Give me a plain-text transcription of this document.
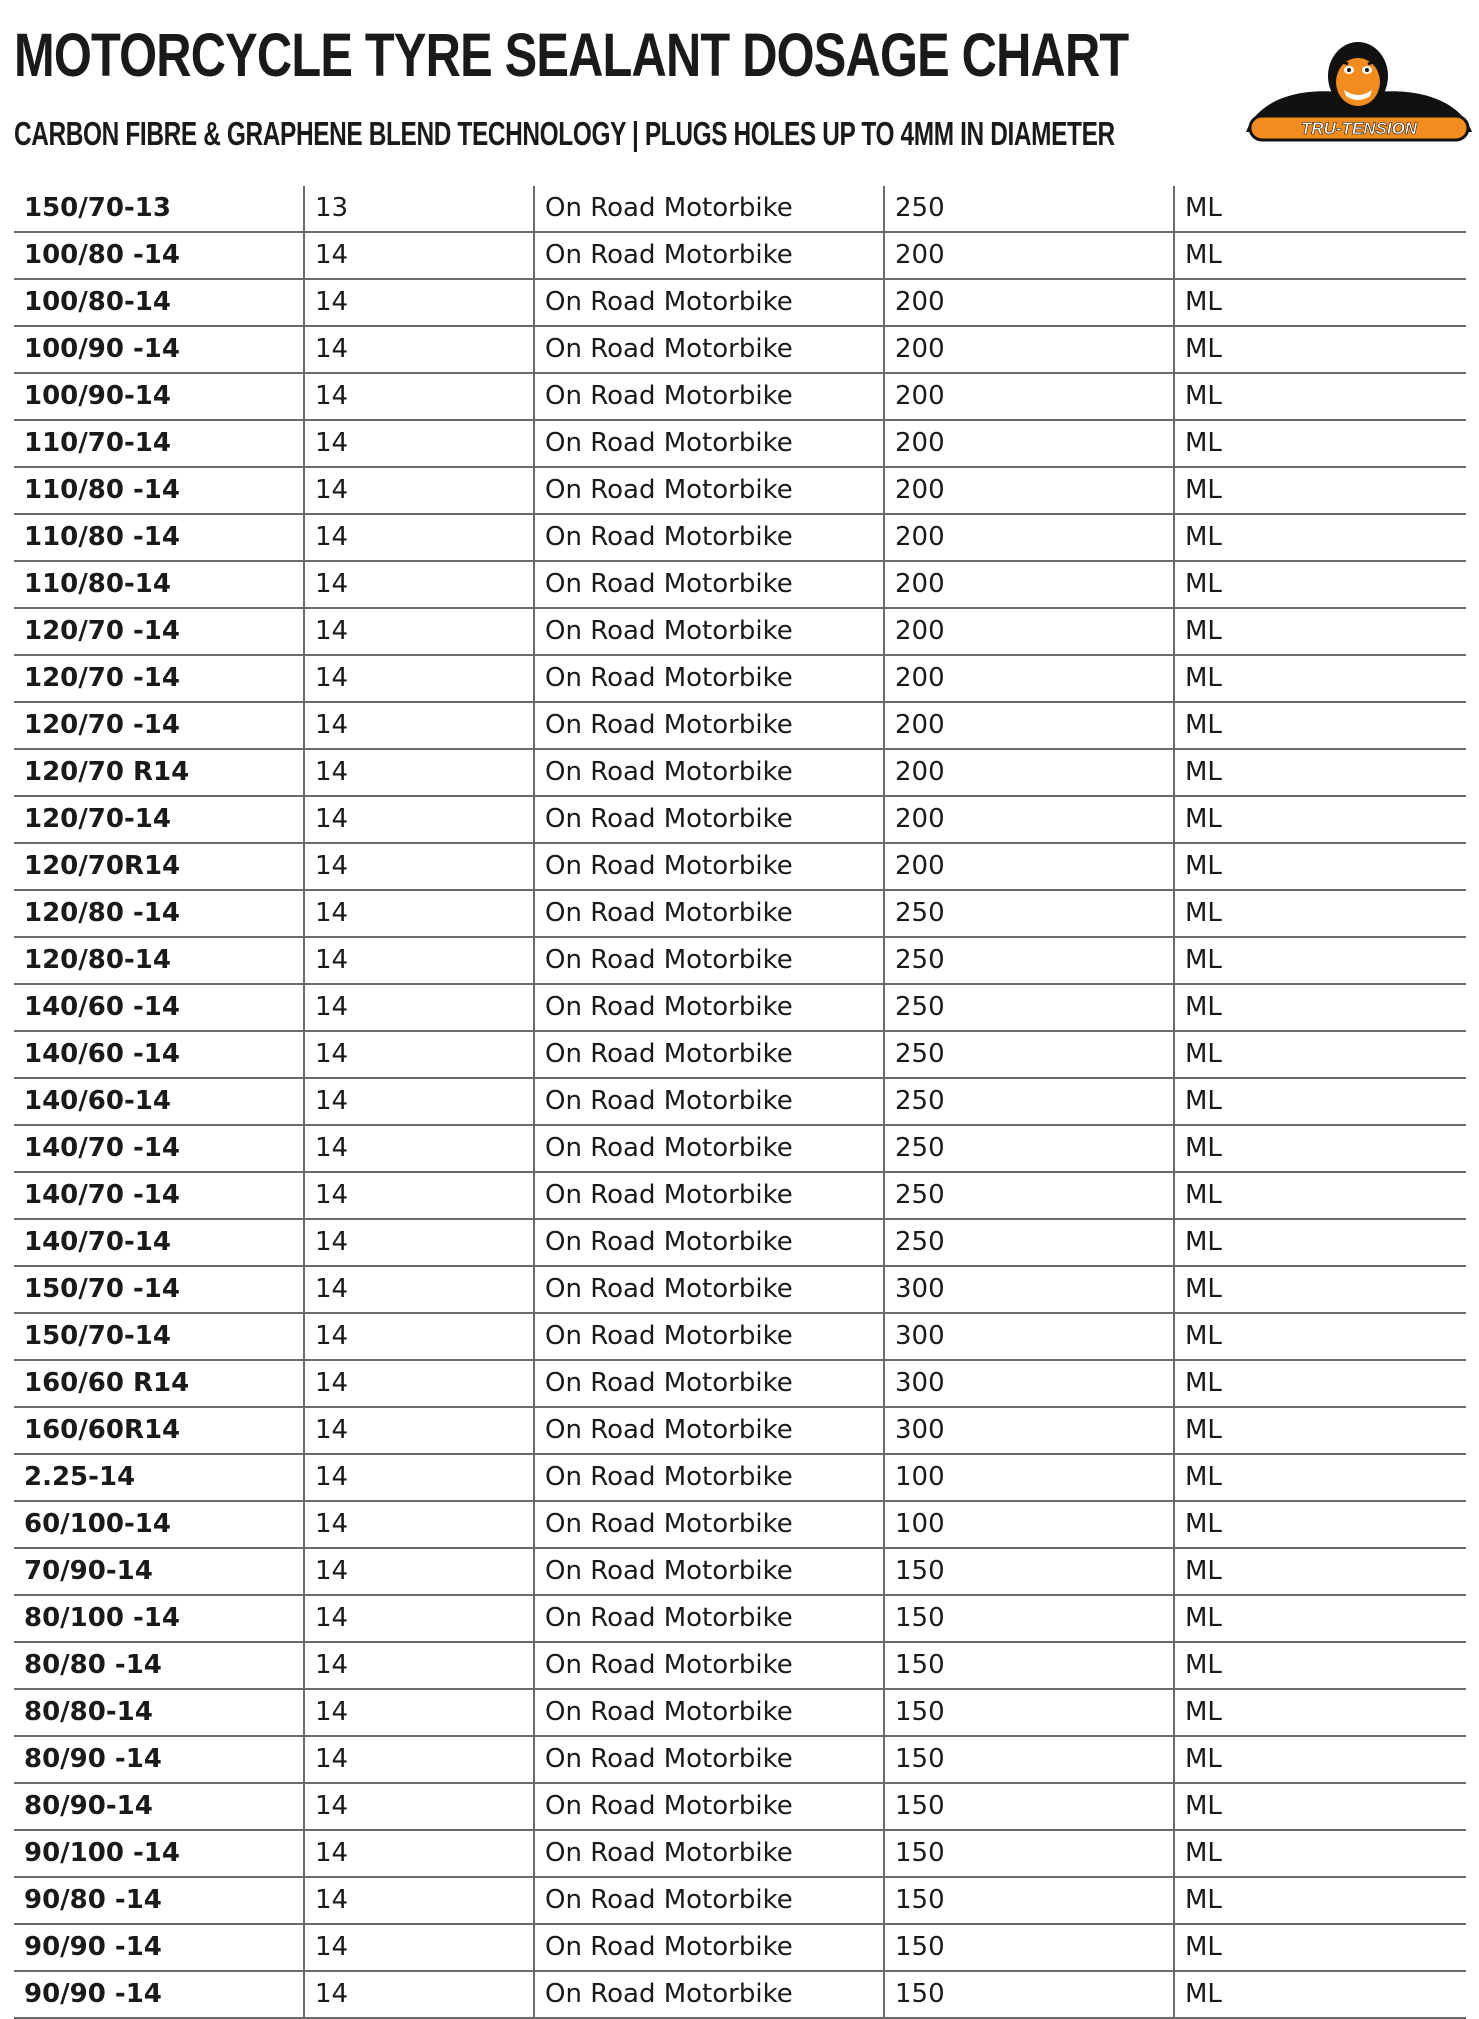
MOTORCYCLE TYRE SEALANT DOSAGE CHART
CARBON FIBRE & GRAPHENE BLEND TECHNOLOGY | PLUGS HOLES UP TO 4MM IN DIAMETER	TRU-TENSION
150/70-13	13	On Road Motorbike	250	ML
100/80 -14	14	On Road Motorbike	200	ML
100/80-14	14	On Road Motorbike	200	ML
100/90 -14	14	On Road Motorbike	200	ML
100/90-14	14	On Road Motorbike	200	ML
110/70-14	14	On Road Motorbike	200	ML
110/80 -14	14	On Road Motorbike	200	ML
110/80 -14	14	On Road Motorbike	200	ML
110/80-14	14	On Road Motorbike	200	ML
120/70 -14	14	On Road Motorbike	200	ML
120/70 -14	14	On Road Motorbike	200	ML
120/70 -14	14	On Road Motorbike	200	ML
120/70 R14	14	On Road Motorbike	200	ML
120/70-14	14	On Road Motorbike	200	ML
120/70R14	14	On Road Motorbike	200	ML
120/80 -14	14	On Road Motorbike	250	ML
120/80-14	14	On Road Motorbike	250	ML
140/60 -14	14	On Road Motorbike	250	ML
140/60 -14	14	On Road Motorbike	250	ML
140/60-14	14	On Road Motorbike	250	ML
140/70 -14	14	On Road Motorbike	250	ML
140/70 -14	14	On Road Motorbike	250	ML
140/70-14	14	On Road Motorbike	250	ML
150/70 -14	14	On Road Motorbike	300	ML
150/70-14	14	On Road Motorbike	300	ML
160/60 R14	14	On Road Motorbike	300	ML
160/60R14	14	On Road Motorbike	300	ML
2.25-14	14	On Road Motorbike	100	ML
60/100-14	14	On Road Motorbike	100	ML
70/90-14	14	On Road Motorbike	150	ML
80/100 -14	14	On Road Motorbike	150	ML
80/80 -14	14	On Road Motorbike	150	ML
80/80-14	14	On Road Motorbike	150	ML
80/90 -14	14	On Road Motorbike	150	ML
80/90-14	14	On Road Motorbike	150	ML
90/100 -14	14	On Road Motorbike	150	ML
90/80 -14	14	On Road Motorbike	150	ML
90/90 -14	14	On Road Motorbike	150	ML
90/90 -14	14	On Road Motorbike	150	ML
